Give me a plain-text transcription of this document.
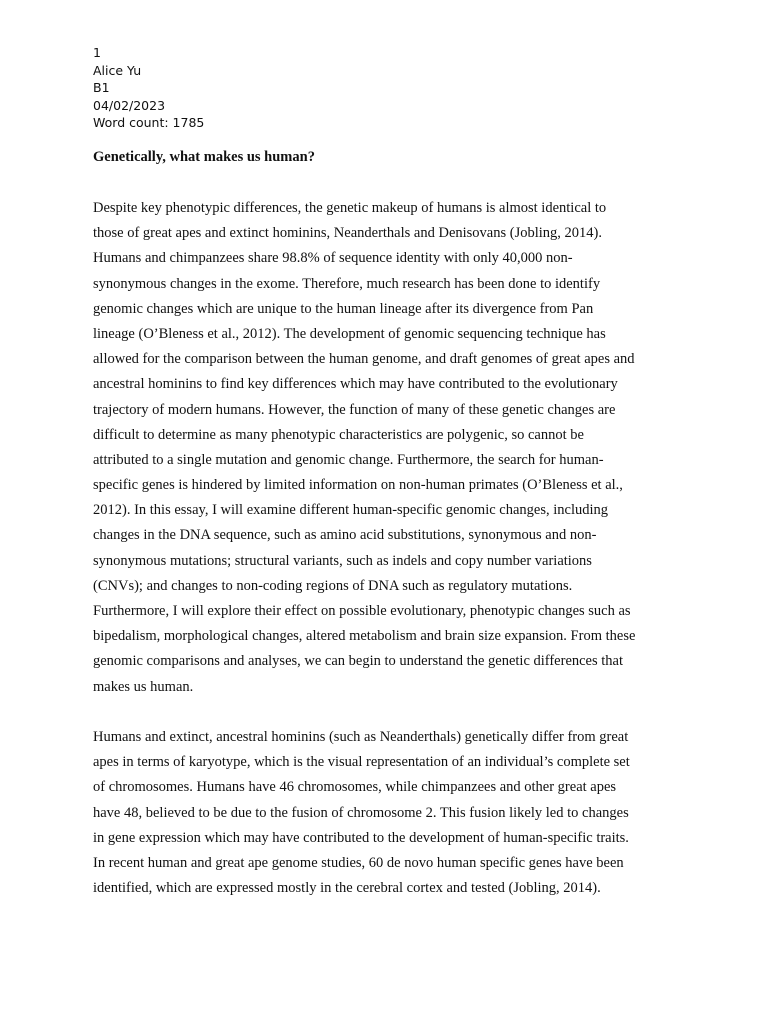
1
Alice Yu
B1
04/02/2023
Word count: 1785
Genetically, what makes us human?
Despite key phenotypic differences, the genetic makeup of humans is almost identical to
those of great apes and extinct hominins, Neanderthals and Denisovans (Jobling, 2014).
Humans and chimpanzees share 98.8% of sequence identity with only 40,000 non-
synonymous changes in the exome. Therefore, much research has been done to identify
genomic changes which are unique to the human lineage after its divergence from Pan
lineage (O’Bleness et al., 2012). The development of genomic sequencing technique has
allowed for the comparison between the human genome, and draft genomes of great apes and
ancestral hominins to find key differences which may have contributed to the evolutionary
trajectory of modern humans. However, the function of many of these genetic changes are
difficult to determine as many phenotypic characteristics are polygenic, so cannot be
attributed to a single mutation and genomic change. Furthermore, the search for human-
specific genes is hindered by limited information on non-human primates (O’Bleness et al.,
2012). In this essay, I will examine different human-specific genomic changes, including
changes in the DNA sequence, such as amino acid substitutions, synonymous and non-
synonymous mutations; structural variants, such as indels and copy number variations
(CNVs); and changes to non-coding regions of DNA such as regulatory mutations.
Furthermore, I will explore their effect on possible evolutionary, phenotypic changes such as
bipedalism, morphological changes, altered metabolism and brain size expansion. From these
genomic comparisons and analyses, we can begin to understand the genetic differences that
makes us human.
Humans and extinct, ancestral hominins (such as Neanderthals) genetically differ from great
apes in terms of karyotype, which is the visual representation of an individual’s complete set
of chromosomes. Humans have 46 chromosomes, while chimpanzees and other great apes
have 48, believed to be due to the fusion of chromosome 2. This fusion likely led to changes
in gene expression which may have contributed to the development of human-specific traits.
In recent human and great ape genome studies, 60 de novo human specific genes have been
identified, which are expressed mostly in the cerebral cortex and tested (Jobling, 2014).
